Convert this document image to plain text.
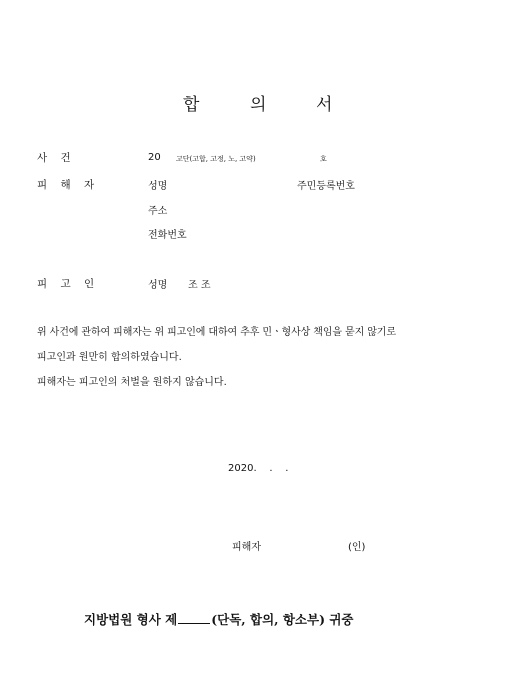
합	의	서
사 건	20 고단(고합, 고정, 노, 고약)	호
피 해 자	성명	주민등록번호
주소
전화번호
피 고 인	성명 조 조
위 사건에 관하여 피해자는 위 피고인에 대하여 추후 민ㆍ형사상 책임을 묻지 않기로
피고인과 원만히 합의하였습니다.
피해자는 피고인의 처벌을 원하지 않습니다.
2020.    .    .
피해자	(인)
지방법원 형사 제	(단독, 합의, 항소부) 귀중
